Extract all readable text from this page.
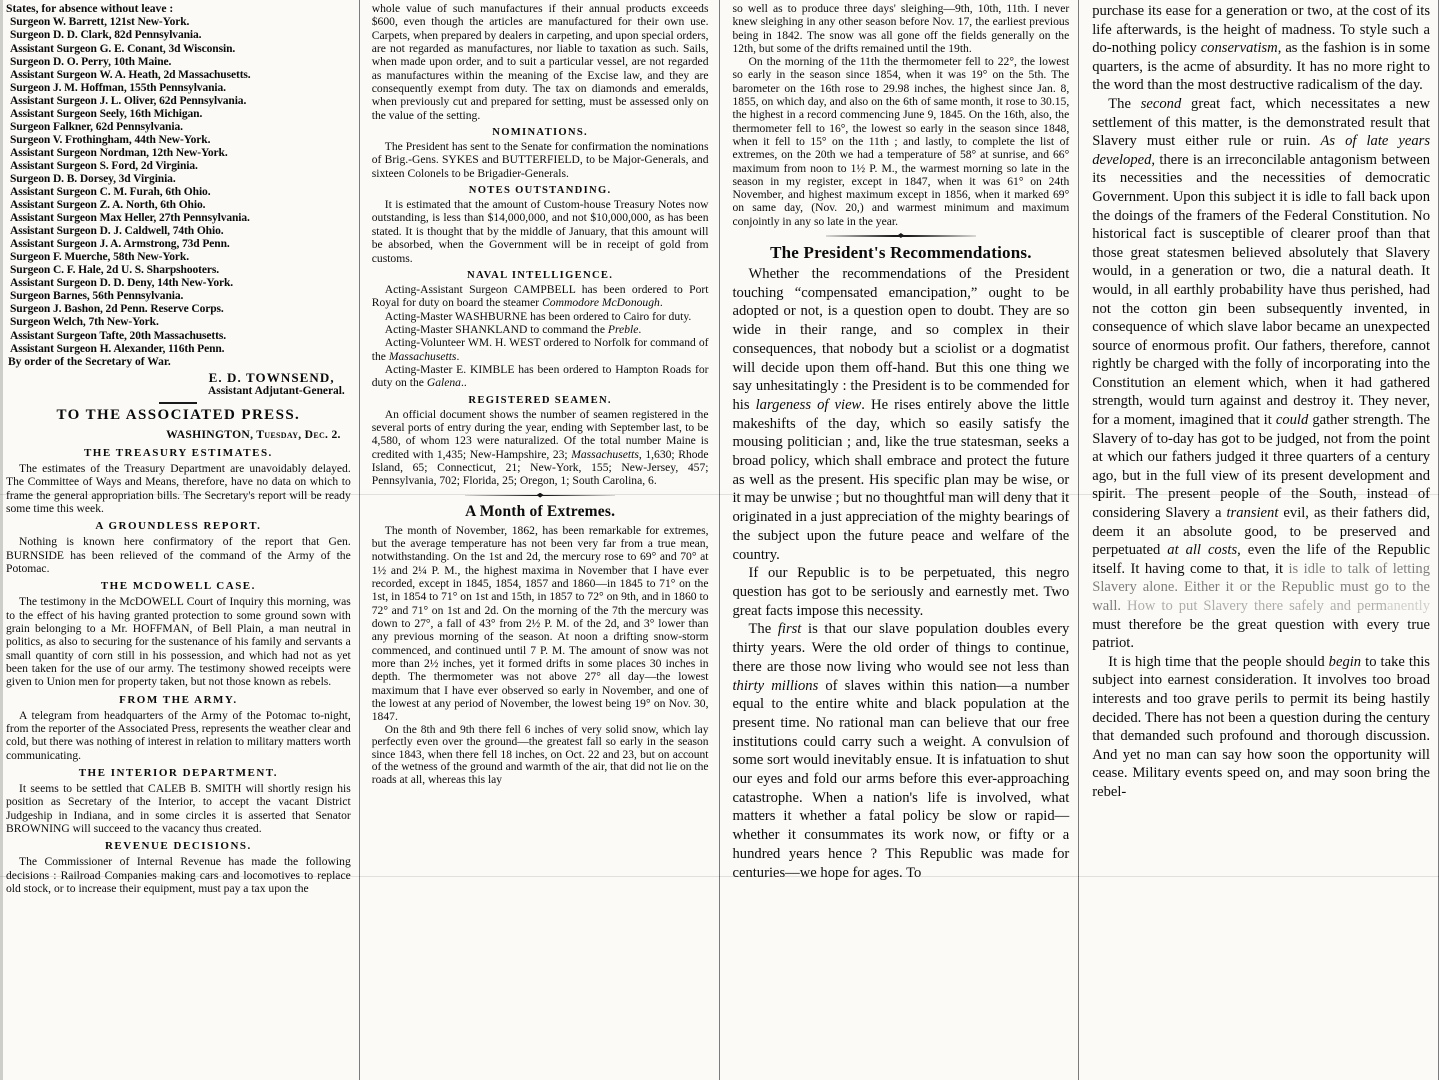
States, for absence without leave :
Surgeon W. Barrett, 121st New-York.
Surgeon D. D. Clark, 82d Pennsylvania.
Assistant Surgeon G. E. Conant, 3d Wisconsin.
Surgeon D. O. Perry, 10th Maine.
Assistant Surgeon W. A. Heath, 2d Massachusetts.
Surgeon J. M. Hoffman, 155th Pennsylvania.
Assistant Surgeon J. L. Oliver, 62d Pennsylvania.
Assistant Surgeon Seely, 16th Michigan.
Surgeon Falkner, 62d Pennsylvania.
Surgeon V. Frothingham, 44th New-York.
Assistant Surgeon Nordman, 12th New-York.
Assistant Surgeon S. Ford, 2d Virginia.
Surgeon D. B. Dorsey, 3d Virginia.
Assistant Surgeon C. M. Furah, 6th Ohio.
Assistant Surgeon Z. A. North, 6th Ohio.
Assistant Surgeon Max Heller, 27th Pennsylvania.
Assistant Surgeon D. J. Caldwell, 74th Ohio.
Assistant Surgeon J. A. Armstrong, 73d Penn.
Surgeon F. Muerche, 58th New-York.
Surgeon C. F. Hale, 2d U. S. Sharpshooters.
Assistant Surgeon D. D. Deny, 14th New-York.
Surgeon Barnes, 56th Pennsylvania.
Surgeon J. Bashon, 2d Penn. Reserve Corps.
Surgeon Welch, 7th New-York.
Assistant Surgeon Tafte, 20th Massachusetts.
Assistant Surgeon H. Alexander, 116th Penn.
By order of the Secretary of War.
E. D. TOWNSEND,
Assistant Adjutant-General.
TO THE ASSOCIATED PRESS.
WASHINGTON, Tuesday, Dec. 2.
THE TREASURY ESTIMATES.

The estimates of the Treasury Department are unavoidably delayed. The Committee of Ways and Means, therefore, have no data on which to frame the general appropriation bills. The Secretary's report will be ready some time this week.

A GROUNDLESS REPORT.

Nothing is known here confirmatory of the report that Gen. BURNSIDE has been relieved of the command of the Army of the Potomac.

THE MCDOWELL CASE.

The testimony in the McDOWELL Court of Inquiry this morning, was to the effect of his having granted protection to some ground sown with grain belonging to a Mr. HOFFMAN, of Bell Plain, a man neutral in politics, as also to securing for the sustenance of his family and servants a small quantity of corn still in his possession, and which had not as yet been taken for the use of our army. The testimony showed receipts were given to Union men for property taken, but not those known as rebels.

FROM THE ARMY.

A telegram from headquarters of the Army of the Potomac to-night, from the reporter of the Associated Press, represents the weather clear and cold, but there was nothing of interest in relation to military matters worth communicating.

THE INTERIOR DEPARTMENT.

It seems to be settled that CALEB B. SMITH will shortly resign his position as Secretary of the Interior, to accept the vacant District Judgeship in Indiana, and in some circles it is asserted that Senator BROWNING will succeed to the vacancy thus created.

REVENUE DECISIONS.

The Commissioner of Internal Revenue has made the following decisions : Railroad Companies making cars and locomotives to replace old stock, or to increase their equipment, must pay a tax upon the

whole value of such manufactures if their annual products exceeds $600, even though the articles are manufactured for their own use. Carpets, when prepared by dealers in carpeting, and upon special orders, are not regarded as manufactures, nor liable to taxation as such. Sails, when made upon order, and to suit a particular vessel, are not regarded as manufactures within the meaning of the Excise law, and they are consequently exempt from duty. The tax on diamonds and emeralds, when previously cut and prepared for setting, must be assessed only on the value of the setting.

NOMINATIONS.

The President has sent to the Senate for confirmation the nominations of Brig.-Gens. SYKES and BUTTERFIELD, to be Major-Generals, and sixteen Colonels to be Brigadier-Generals.

NOTES OUTSTANDING.

It is estimated that the amount of Custom-house Treasury Notes now outstanding, is less than $14,000,000, and not $10,000,000, as has been stated. It is thought that by the middle of January, that this amount will be absorbed, when the Government will be in receipt of gold from customs.

NAVAL INTELLIGENCE.

Acting-Assistant Surgeon CAMPBELL has been ordered to Port Royal for duty on board the steamer Commodore McDonough.

Acting-Master WASHBURNE has been ordered to Cairo for duty.

Acting-Master SHANKLAND to command the Preble.

Acting-Volunteer WM. H. WEST ordered to Norfolk for command of the Massachusetts.

Acting-Master E. KIMBLE has been ordered to Hampton Roads for duty on the Galena..

REGISTERED SEAMEN.

An official document shows the number of seamen registered in the several ports of entry during the year, ending with September last, to be 4,580, of whom 123 were naturalized. Of the total number Maine is credited with 1,435; New-Hampshire, 23; Massachusetts, 1,630; Rhode Island, 65; Connecticut, 21; New-York, 155; New-Jersey, 457; Pennsylvania, 702; Florida, 25; Oregon, 1; South Carolina, 6.

A Month of Extremes.

The month of November, 1862, has been remarkable for extremes, but the average temperature has not been very far from a true mean, notwithstanding. On the 1st and 2d, the mercury rose to 69° and 70° at 1½ and 2¼ P. M., the highest maxima in November that I have ever recorded, except in 1845, 1854, 1857 and 1860—in 1845 to 71° on the 1st, in 1854 to 71° on 1st and 15th, in 1857 to 72° on 9th, and in 1860 to 72° and 71° on 1st and 2d. On the morning of the 7th the mercury was down to 27°, a fall of 43° from 2½ P. M. of the 2d, and 3° lower than any previous morning of the season. At noon a drifting snow-storm commenced, and continued until 7 P. M. The amount of snow was not more than 2½ inches, yet it formed drifts in some places 30 inches in depth. The thermometer was not above 27° all day—the lowest maximum that I have ever observed so early in November, and one of the lowest at any period of November, the lowest being 19° on Nov. 30, 1847.

On the 8th and 9th there fell 6 inches of very solid snow, which lay perfectly even over the ground—the greatest fall so early in the season since 1843, when there fell 18 inches, on Oct. 22 and 23, but on account of the wetness of the ground and warmth of the air, that did not lie on the roads at all, whereas this lay

so well as to produce three days' sleighing—9th, 10th, 11th. I never knew sleighing in any other season before Nov. 17, the earliest previous being in 1842. The snow was all gone off the fields generally on the 12th, but some of the drifts remained until the 19th.

On the morning of the 11th the thermometer fell to 22°, the lowest so early in the season since 1854, when it was 19° on the 5th. The barometer on the 16th rose to 29.98 inches, the highest since Jan. 8, 1855, on which day, and also on the 6th of same month, it rose to 30.15, the highest in a record commencing June 9, 1845. On the 16th, also, the thermometer fell to 16°, the lowest so early in the season since 1848, when it fell to 15° on the 11th ; and lastly, to complete the list of extremes, on the 20th we had a temperature of 58° at sunrise, and 66° maximum from noon to 1½ P. M., the warmest morning so late in the season in my register, except in 1847, when it was 61° on 24th November, and highest maximum except in 1856, when it marked 69° on same day, (Nov. 20,) and warmest minimum and maximum conjointly in any so late in the year.

The President's Recommendations.

Whether the recommendations of the President touching “compensated emancipation,” ought to be adopted or not, is a question open to doubt. They are so wide in their range, and so complex in their consequences, that nobody but a sciolist or a dogmatist will decide upon them off-hand. But this one thing we say unhesitatingly : the President is to be commended for his largeness of view. He rises entirely above the little makeshifts of the day, which so easily satisfy the mousing politician ; and, like the true statesman, seeks a broad policy, which shall embrace and protect the future as well as the present. His specific plan may be wise, or it may be unwise ; but no thoughtful man will deny that it originated in a just appreciation of the mighty bearings of the subject upon the future peace and welfare of the country.

If our Republic is to be perpetuated, this negro question has got to be seriously and earnestly met. Two great facts impose this necessity.

The first is that our slave population doubles every thirty years. Were the old order of things to continue, there are those now living who would see not less than thirty millions of slaves within this nation—a number equal to the entire white and black population at the present time. No rational man can believe that our free institutions could carry such a weight. A convulsion of some sort would inevitably ensue. It is infatuation to shut our eyes and fold our arms before this ever-approaching catastrophe. When a nation's life is involved, what matters it whether a fatal policy be slow or rapid—whether it consummates its work now, or fifty or a hundred years hence ? This Republic was made for centuries—we hope for ages. To

purchase its ease for a generation or two, at the cost of its life afterwards, is the height of madness. To style such a do-nothing policy conservatism, as the fashion is in some quarters, is the acme of absurdity. It has no more right to the word than the most destructive radicalism of the day.

The second great fact, which necessitates a new settlement of this matter, is the demonstrated result that Slavery must either rule or ruin. As of late years developed, there is an irreconcilable antagonism between its necessities and the necessities of democratic Government. Upon this subject it is idle to fall back upon the doings of the framers of the Federal Constitution. No historical fact is susceptible of clearer proof than that those great statesmen believed absolutely that Slavery would, in a generation or two, die a natural death. It would, in all earthly probability have thus perished, had not the cotton gin been subsequently invented, in consequence of which slave labor became an unexpected source of enormous profit. Our fathers, therefore, cannot rightly be charged with the folly of incorporating into the Constitution an element which, when it had gathered strength, would turn against and destroy it. They never, for a moment, imagined that it could gather strength. The Slavery of to-day has got to be judged, not from the point at which our fathers judged it three quarters of a century ago, but in the full view of its present development and spirit. The present people of the South, instead of considering Slavery a transient evil, as their fathers did, deem it an absolute good, to be preserved and perpetuated at all costs, even the life of the Republic itself. It having come to that, it is idle to talk of letting Slavery alone. Either it or the Republic must go to the wall. How to put Slavery there safely and permanently must therefore be the great question with every true patriot.

It is high time that the people should begin to take this subject into earnest consideration. It involves too broad interests and too grave perils to permit its being hastily decided. There has not been a question during the century that demanded such profound and thorough discussion. And yet no man can say how soon the opportunity will cease. Military events speed on, and may soon bring the rebel-
